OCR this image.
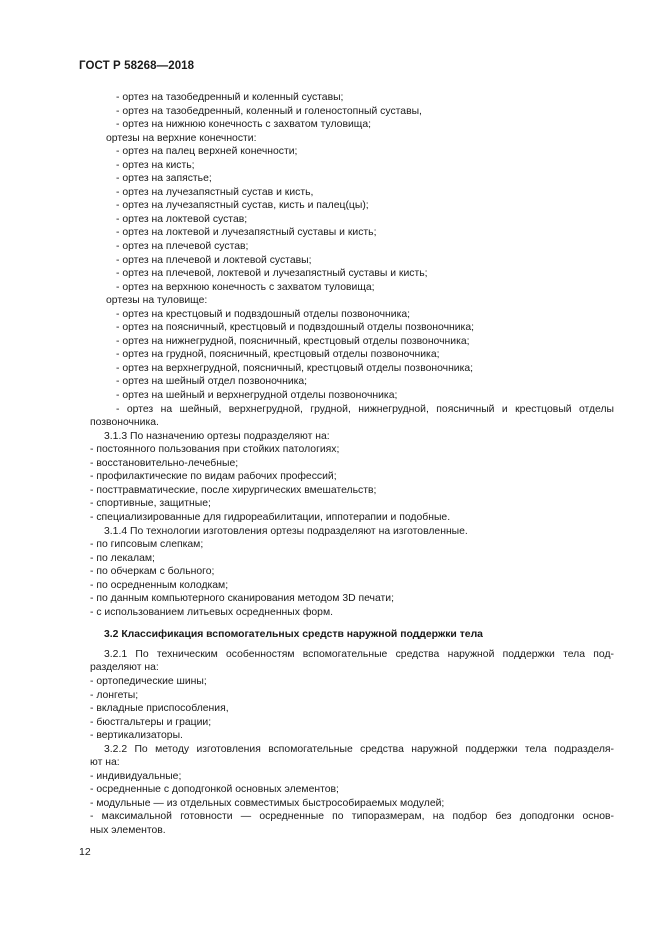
ГОСТ Р 58268—2018
- ортез на тазобедренный и коленный суставы;
- ортез на тазобедренный, коленный и голеностопный суставы,
- ортез на нижнюю конечность с захватом туловища;
ортезы на верхние конечности:
- ортез на палец верхней конечности;
- ортез на кисть;
- ортез на запястье;
- ортез на лучезапястный сустав и кисть,
- ортез на лучезапястный сустав, кисть и палец(цы);
- ортез на локтевой сустав;
- ортез на локтевой и лучезапястный суставы и кисть;
- ортез на плечевой сустав;
- ортез на плечевой и локтевой суставы;
- ортез на плечевой, локтевой и лучезапястный суставы и кисть;
- ортез на верхнюю конечность с захватом туловища;
ортезы на туловище:
- ортез на крестцовый и подвздошный отделы позвоночника;
- ортез на поясничный, крестцовый и подвздошный отделы позвоночника;
- ортез на нижнегрудной, поясничный, крестцовый отделы позвоночника;
- ортез на грудной, поясничный, крестцовый отделы позвоночника;
- ортез на верхнегрудной, поясничный, крестцовый отделы позвоночника;
- ортез на шейный отдел позвоночника;
- ортез на шейный и верхнегрудной отделы позвоночника;
- ортез на шейный, верхнегрудной, грудной, нижнегрудной, поясничный и крестцовый отделы
позвоночника.
3.1.3 По назначению ортезы подразделяют на:
- постоянного пользования при стойких патологиях;
- восстановительно-лечебные;
- профилактические по видам рабочих профессий;
- посттравматические, после хирургических вмешательств;
- спортивные, защитные;
- специализированные для гидрореабилитации, иппотерапии и подобные.
3.1.4 По технологии изготовления ортезы подразделяют на изготовленные.
- по гипсовым слепкам;
- по лекалам;
- по обчеркам с больного;
- по осредненным колодкам;
- по данным компьютерного сканирования методом 3D печати;
- с использованием литьевых осредненных форм.
3.2 Классификация вспомогательных средств наружной поддержки тела
3.2.1 По техническим особенностям вспомогательные средства наружной поддержки тела под-
разделяют на:
- ортопедические шины;
- лонгеты;
- вкладные приспособления,
- бюстгальтеры и грации;
- вертикализаторы.
3.2.2 По методу изготовления вспомогательные средства наружной поддержки тела подразделя-
ют на:
- индивидуальные;
- осредненные с доподгонкой основных элементов;
- модульные — из отдельных совместимых быстрособираемых модулей;
- максимальной готовности — осредненные по типоразмерам, на подбор без доподгонки основ-
ных элементов.
12
